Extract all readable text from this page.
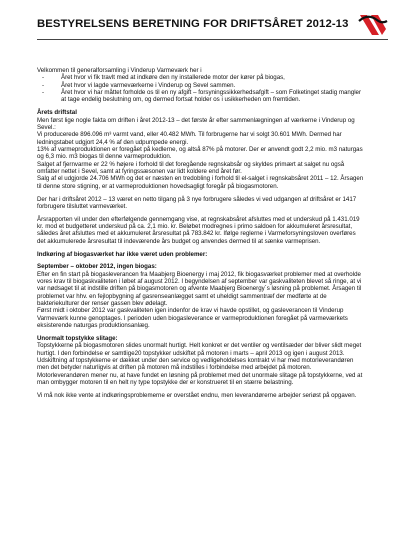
BESTYRELSENS BERETNING FOR DRIFTSÅRET 2012-13

Velkommen til generalforsamling i Vinderup Varmeværk her i

- Året hvor vi fik travlt med at indkøre den ny installerede motor der kører på biogas,
- Året hvor vi lagde varmeværkerne i Vinderup og Sevel sammen.
- Året hvor vi har måttet forholde os til en ny afgift – forsyningssikkerhedsafgift – som Folketinget stadig mangler at tage endelig beslutning om, og dermed fortsat holder os i usikkerheden om fremtiden.

Årets driftstal

Men først lige nogle fakta om driften i året 2012-13 – det første år efter sammenlægningen af værkerne i Vinderup og Sevel.:

Vi producerede 896.096 m³ varmt vand, eller 40.482 MWh. Til forbrugerne har vi solgt 30.601 MWh. Dermed har ledningstabet udgjort 24,4 % af den udpumpede energi.

13% af varmeproduktionen er foregået på kedlerne, og altså 87% på motorer. Der er anvendt godt 2,2 mio. m3 naturgas og 6,3 mio. m3 biogas til denne varmeproduktion.

Salget af fjernvarme er 22 % højere i forhold til det foregående regnskabsår og skyldes primært at salget nu også omfatter nettet i Sevel, samt at fyringssæsonen var lidt koldere end året før.

Salg af el udgjorde 24.706 MWh og det er næsten en tredobling i forhold til el-salget i regnskabsåret 2011 – 12. Årsagen til denne store stigning, er at varmeproduktionen hovedsagligt foregår på biogasmotoren.

Der har i driftsåret 2012 – 13 været en netto tilgang på 3 nye forbrugere således vi ved udgangen af driftsåret er 1417 forbrugere tilsluttet varmeværket.

Årsrapporten vil under den efterfølgende gennemgang vise, at regnskabsåret afsluttes med et underskud på 1.431.019 kr. mod et budgetteret underskud på ca. 2,1 mio. kr. Beløbet modregnes i primo saldoen for akkumuleret årsresultat, således året afsluttes med et akkumuleret årsresultat på 783.842 kr. Ifølge reglerne i Varmeforsyningsloven overføres det akkumulerede årsresultat til indeværende års budget og anvendes dermed til at sænke varmeprisen.

Indkøring af biogasværket har ikke været uden problemer:

September – oktober 2012, ingen biogas:

Efter en fin start på biogasleverancen fra Maabjerg Bioenergy i maj 2012, fik biogasværket problemer med at overholde vores krav til biogaskvaliteten i løbet af august 2012. I begyndelsen af september var gaskvaliteten blevet så ringe, at vi var nødsaget til at indstille driften på biogasmotoren og afvente Maabjerg Bioenergy´s løsning på problemet. Årsagen til problemet var hhv. en fejlopbygning af gasrenseanlægget samt et uheldigt sammentræf der medførte at de bakteriekulturer der renser gassen blev ødelagt.

Først midt i oktober 2012 var gaskvaliteten igen indenfor de krav vi havde opstillet, og gasleverancen til Vinderup Varmeværk kunne genoptages. I perioden uden biogasleverance er varmeproduktionen foregået på varmeværkets eksisterende naturgas produktionsanlæg.

Unormalt topstykke slitage:

Topstykkerne på biogasmotoren slides unormalt hurtigt. Helt konkret er det ventiler og ventilsæder der bliver slidt meget hurtigt. I den forbindelse er samtlige20 topstykker udskiftet på motoren i marts – april 2013 og igen i august 2013. Udskiftning af topstykkerne er dækket under den service og vedligeholdelses kontrakt vi har med motorleverandøren men det betyder naturligvis at driften på motoren må indstilles i forbindelse med arbejdet på motoren.

Motorleverandøren mener nu, at have fundet en løsning på problemet med det unormale slitage på topstykkerne, ved at man ombygger motoren til en helt ny type topstykke der er konstrueret til en stærre belastning.

Vi må nok ikke vente at indkøringsproblemerne er overstået endnu, men leverandørerne arbejder seriøst på opgaven.
